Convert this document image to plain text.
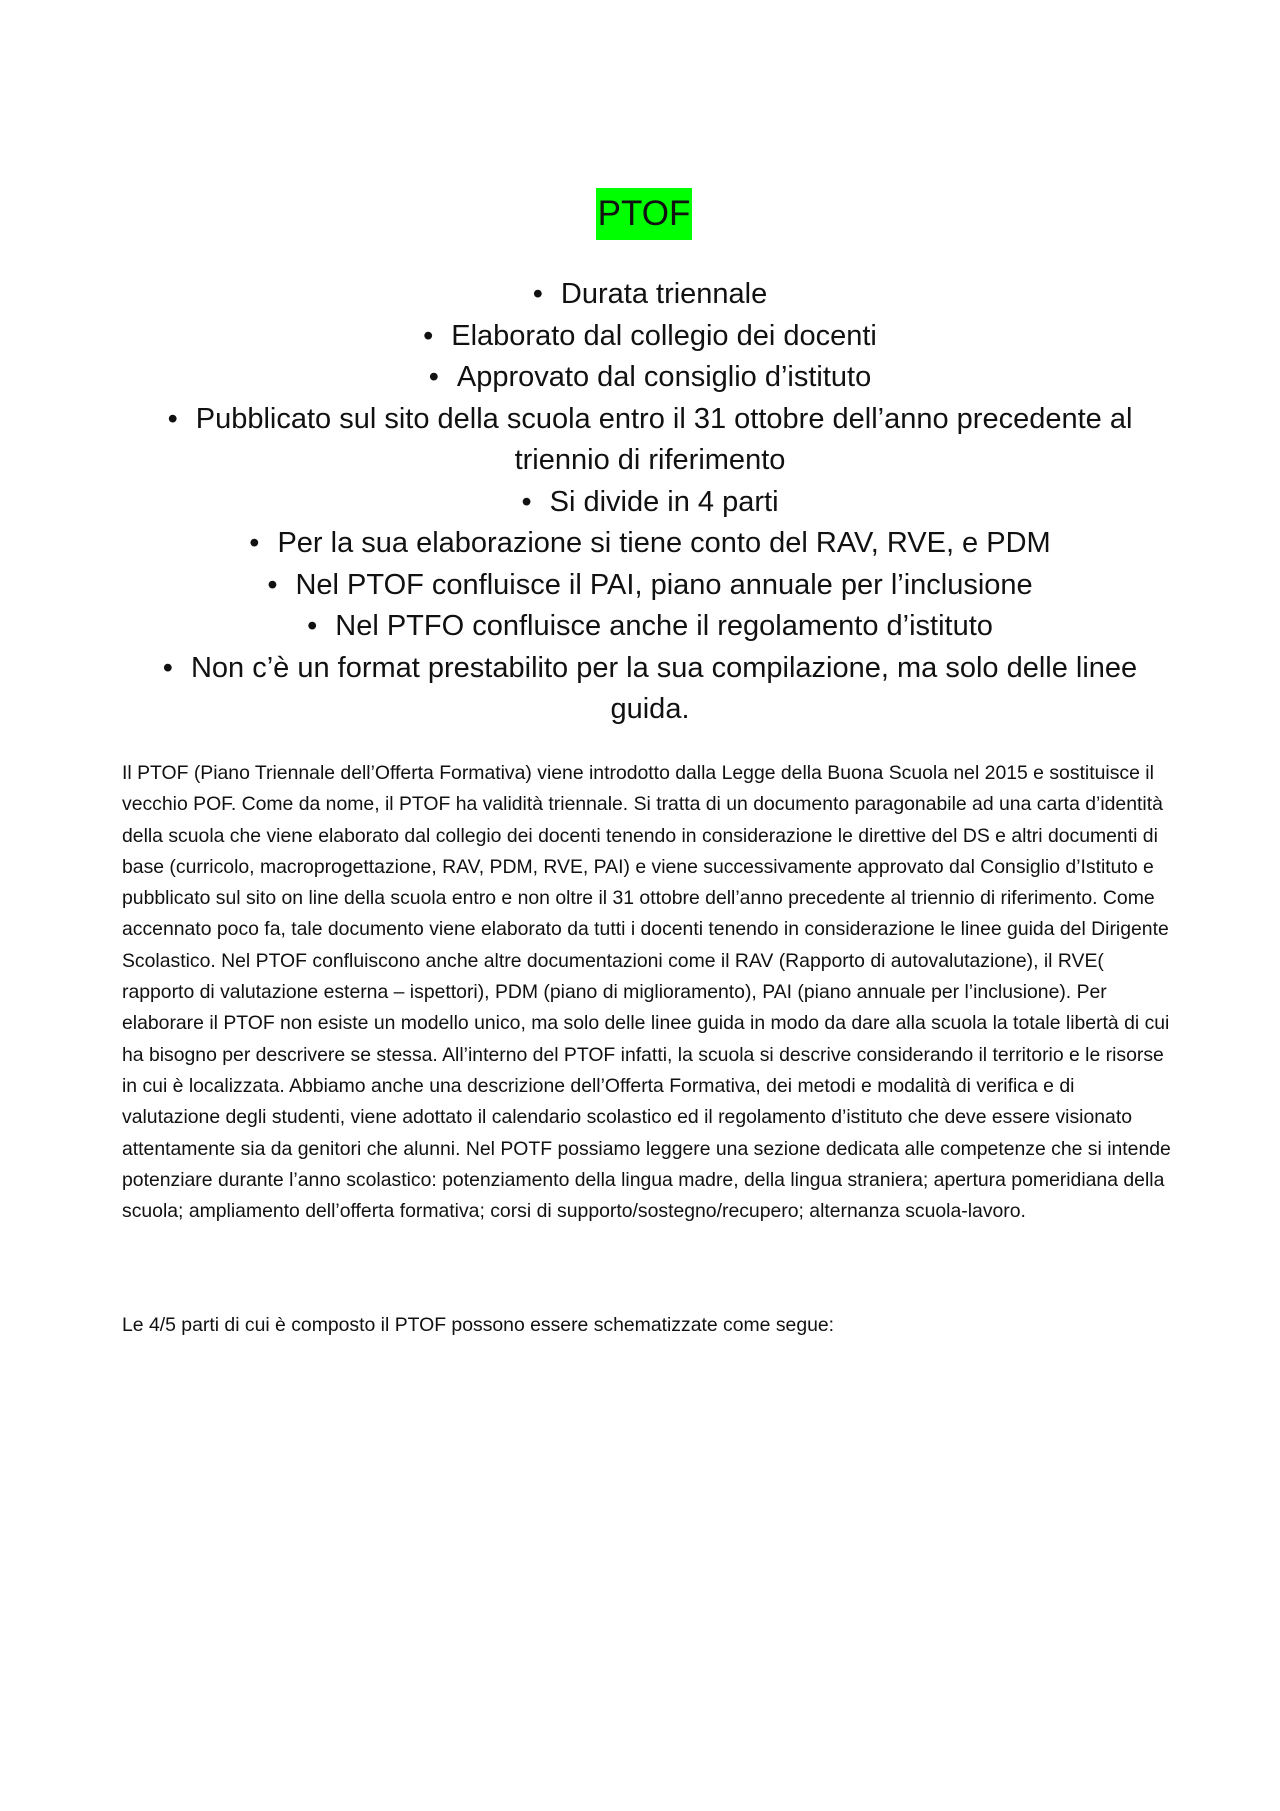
PTOF
• Durata triennale
• Elaborato dal collegio dei docenti
• Approvato dal consiglio d’istituto
• Pubblicato sul sito della scuola entro il 31 ottobre dell’anno precedente al triennio di riferimento
• Si divide in 4 parti
• Per la sua elaborazione si tiene conto del RAV, RVE, e PDM
• Nel PTOF confluisce il PAI, piano annuale per l’inclusione
• Nel PTFO confluisce anche il regolamento d’istituto
• Non c’è un format prestabilito per la sua compilazione, ma solo delle linee guida.

Il PTOF (Piano Triennale dell’Offerta Formativa) viene introdotto dalla Legge della Buona Scuola nel 2015 e sostituisce il vecchio POF. Come da nome, il PTOF ha validità triennale. Si tratta di un documento paragonabile ad una carta d’identità della scuola che viene elaborato dal collegio dei docenti tenendo in considerazione le direttive del DS e altri documenti di base (curricolo, macroprogettazione, RAV, PDM, RVE, PAI) e viene successivamente approvato dal Consiglio d’Istituto e pubblicato sul sito on line della scuola entro e non oltre il 31 ottobre dell’anno precedente al triennio di riferimento. Come accennato poco fa, tale documento viene elaborato da tutti i docenti tenendo in considerazione le linee guida del Dirigente Scolastico. Nel PTOF confluiscono anche altre documentazioni come il RAV (Rapporto di autovalutazione), il RVE( rapporto di valutazione esterna – ispettori), PDM (piano di miglioramento), PAI (piano annuale per l’inclusione). Per elaborare il PTOF non esiste un modello unico, ma solo delle linee guida in modo da dare alla scuola la totale libertà di cui ha bisogno per descrivere se stessa. All’interno del PTOF infatti, la scuola si descrive considerando il territorio e le risorse in cui è localizzata. Abbiamo anche una descrizione dell’Offerta Formativa, dei metodi e modalità di verifica e di valutazione degli studenti, viene adottato il calendario scolastico ed il regolamento d’istituto che deve essere visionato attentamente sia da genitori che alunni. Nel POTF possiamo leggere una sezione dedicata alle competenze che si intende potenziare durante l’anno scolastico: potenziamento della lingua madre, della lingua straniera; apertura pomeridiana della scuola; ampliamento dell’offerta formativa; corsi di supporto/sostegno/recupero; alternanza scuola-lavoro.

Le 4/5 parti di cui è composto il PTOF possono essere schematizzate come segue:
